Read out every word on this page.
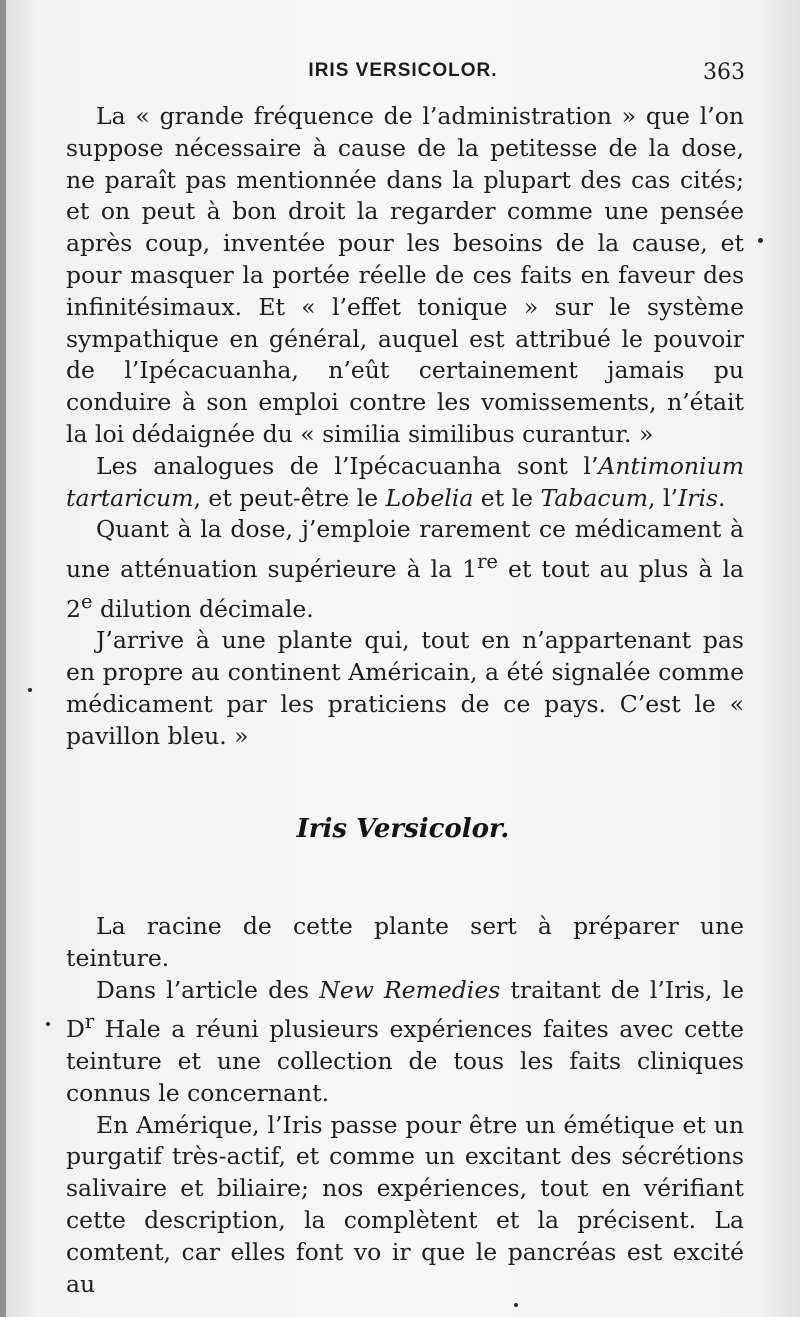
IRIS VERSICOLOR.	363

La « grande fréquence de l’administration » que l’on suppose nécessaire à cause de la petitesse de la dose, ne paraît pas mentionnée dans la plupart des cas cités; et on peut à bon droit la regarder comme une pensée après coup, inventée pour les besoins de la cause, et pour masquer la portée réelle de ces faits en faveur des infinitésimaux. Et « l’effet tonique » sur le système sympathique en général, auquel est attribué le pouvoir de l’Ipécacuanha, n’eût certainement jamais pu conduire à son emploi contre les vomissements, n’était la loi dédaignée du « similia similibus curantur. »

Les analogues de l’Ipécacuanha sont l’Antimonium tartaricum, et peut-être le Lobelia et le Tabacum, l’Iris.

Quant à la dose, j’emploie rarement ce médicament à une atténuation supérieure à la 1re et tout au plus à la 2e dilution décimale.

J’arrive à une plante qui, tout en n’appartenant pas en propre au continent Américain, a été signalée comme médicament par les praticiens de ce pays. C’est le « pavillon bleu. »

Iris Versicolor.

La racine de cette plante sert à préparer une teinture.

Dans l’article des New Remedies traitant de l’Iris, le $D^r$ Hale a réuni plusieurs expériences faites avec cette teinture et une collection de tous les faits cliniques connus le concernant.

En Amérique, l’Iris passe pour être un émétique et un purgatif très-actif, et comme un excitant des sécrétions salivaire et biliaire; nos expériences, tout en vérifiant cette description, la complètent et la précisent. La comtent, car elles font vo ir que le pancréas est excité au
